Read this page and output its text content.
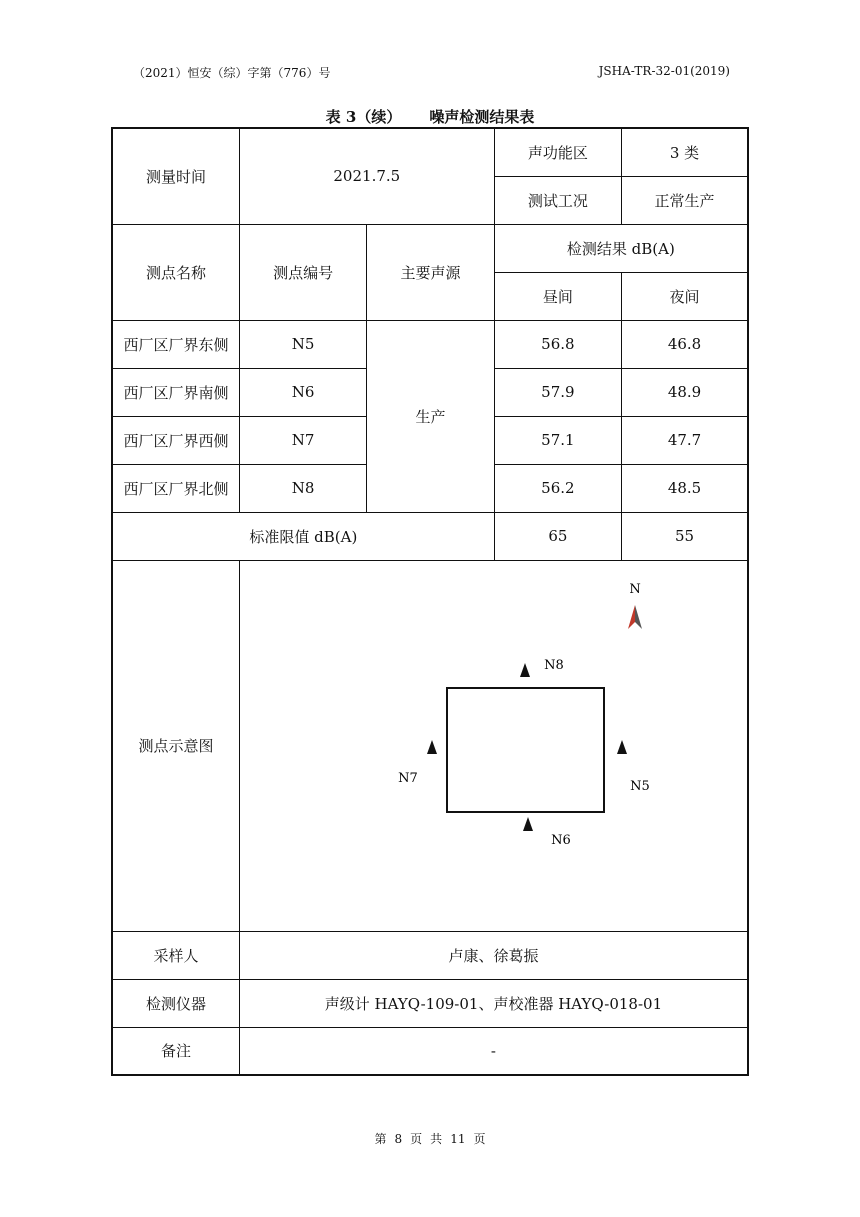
（2021）恒安（综）字第（776）号	JSHA-TR-32-01(2019)
表 3（续） 噪声检测结果表
测量时间	2021.7.5		声功能区	3 类
			测试工况	正常生产
测点名称	测点编号	主要声源	检测结果 dB(A)	
			昼间	夜间
西厂区厂界东侧	N5	生产	56.8	46.8
西厂区厂界南侧	N6		57.9	48.9
西厂区厂界西侧	N7		57.1	47.7
西厂区厂界北侧	N8		56.2	48.5
标准限值 dB(A)			65	55
测点示意图	N
N8
N5
N6
N7			

采样人	卢康、徐葛振			
检测仪器	声级计 HAYQ-109-01、声校准器 HAYQ-018-01			
备注	-			
第 8 页 共 11 页
